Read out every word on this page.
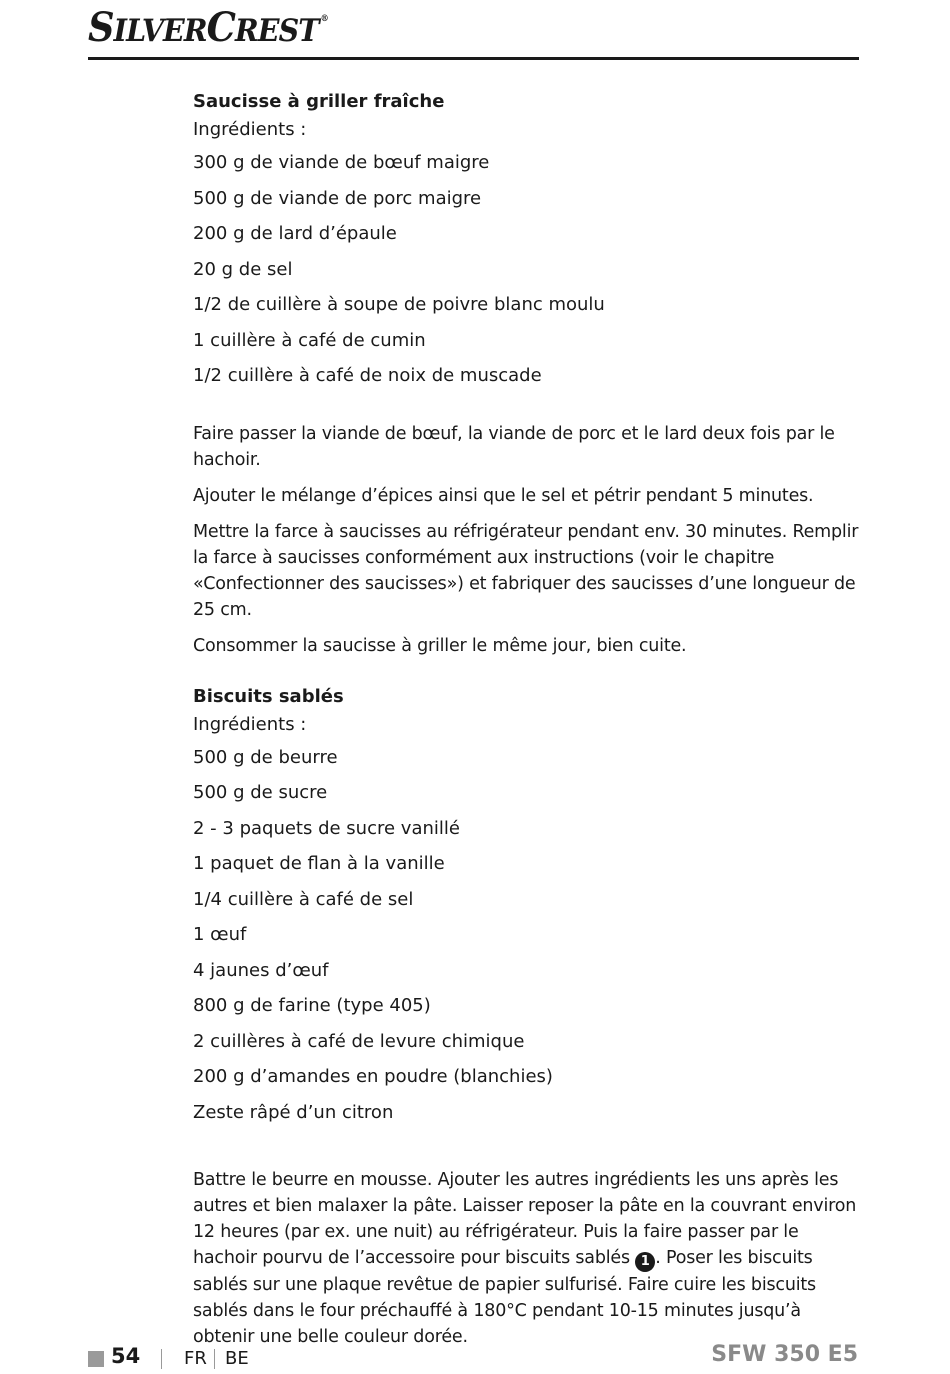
SILVERCREST ®

Saucisse à griller fraîche

Ingrédients :

300 g de viande de bœuf maigre

500 g de viande de porc maigre

200 g de lard d’épaule

20 g de sel

1/2 de cuillère à soupe de poivre blanc moulu

1 cuillère à café de cumin

1/2 cuillère à café de noix de muscade

Faire passer la viande de bœuf, la viande de porc et le lard deux fois par le hachoir.

Ajouter le mélange d’épices ainsi que le sel et pétrir pendant 5 minutes.

Mettre la farce à saucisses au réfrigérateur pendant env. 30 minutes. Remplir la farce à saucisses conformément aux instructions (voir le chapitre «Confectionner des saucisses») et fabriquer des saucisses d’une longueur de 25 cm.

Consommer la saucisse à griller le même jour, bien cuite.

Biscuits sablés

Ingrédients :

500 g de beurre

500 g de sucre

2 - 3 paquets de sucre vanillé

1 paquet de flan à la vanille

1/4 cuillère à café de sel

1 œuf

4 jaunes d’œuf

800 g de farine (type 405)

2 cuillères à café de levure chimique

200 g d’amandes en poudre (blanchies)

Zeste râpé d’un citron

Battre le beurre en mousse. Ajouter les autres ingrédients les uns après les autres et bien malaxer la pâte. Laisser reposer la pâte en la couvrant environ 12 heures (par ex. une nuit) au réfrigérateur. Puis la faire passer par le hachoir pourvu de l’accessoire pour biscuits sablés 1 . Poser les biscuits sablés sur une plaque revêtue de papier sulfurisé. Faire cuire les biscuits sablés dans le four préchauffé à 180°C pendant 10-15 minutes jusqu’à obtenir une belle couleur dorée.

54 FR BE	SFW 350 E5
